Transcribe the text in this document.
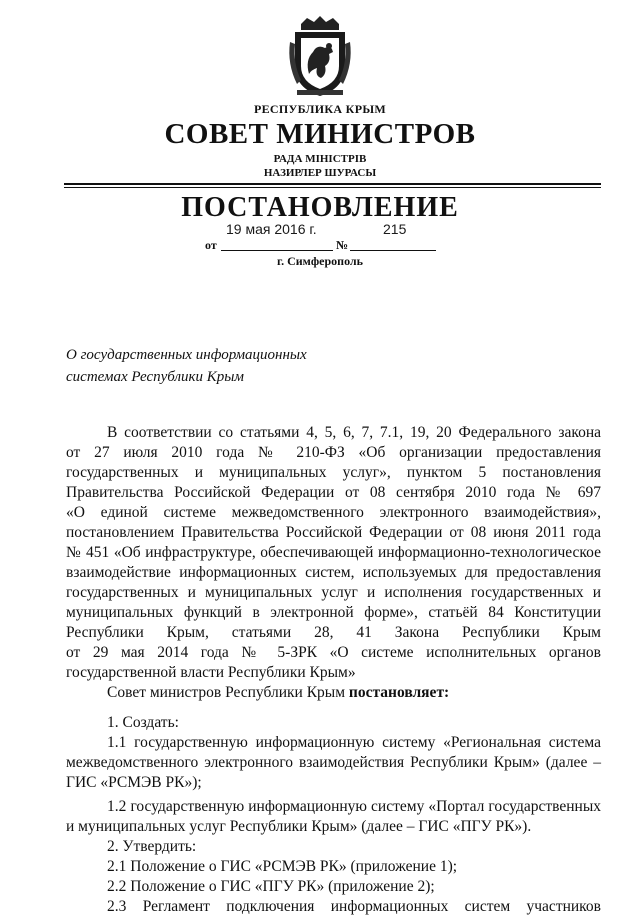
РЕСПУБЛИКА КРЫМ
СОВЕТ МИНИСТРОВ
РАДА МІНІСТРІВ
НАЗИРЛЕР ШУРАСЫ
ПОСТАНОВЛЕНИЕ
19 мая 2016 г.	215
от	№
г. Симферополь
О государственных информационных
системах Республики Крым
В соответствии со статьями 4, 5, 6, 7, 7.1, 19, 20 Федерального закона
от 27 июля 2010 года № 210-ФЗ «Об организации предоставления
государственных и муниципальных услуг», пунктом 5 постановления
Правительства Российской Федерации от 08 сентября 2010 года № 697
«О единой системе межведомственного электронного взаимодействия»,
постановлением Правительства Российской Федерации от 08 июня 2011 года
№ 451 «Об инфраструктуре, обеспечивающей информационно-технологическое
взаимодействие информационных систем, используемых для предоставления
государственных и муниципальных услуг и исполнения государственных и
муниципальных функций в электронной форме», статьёй 84 Конституции
Республики Крым, статьями 28, 41 Закона Республики Крым
от 29 мая 2014 года № 5-ЗРК «О системе исполнительных органов
государственной власти Республики Крым»
Совет министров Республики Крым постановляет:
1. Создать:
1.1 государственную информационную систему «Региональная система
межведомственного электронного взаимодействия Республики Крым» (далее –
ГИС «РСМЭВ РК»);
1.2 государственную информационную систему «Портал государственных
и муниципальных услуг Республики Крым» (далее – ГИС «ПГУ РК»).
2. Утвердить:
2.1 Положение о ГИС «РСМЭВ РК» (приложение 1);
2.2 Положение о ГИС «ПГУ РК» (приложение 2);
2.3 Регламент подключения информационных систем участников
